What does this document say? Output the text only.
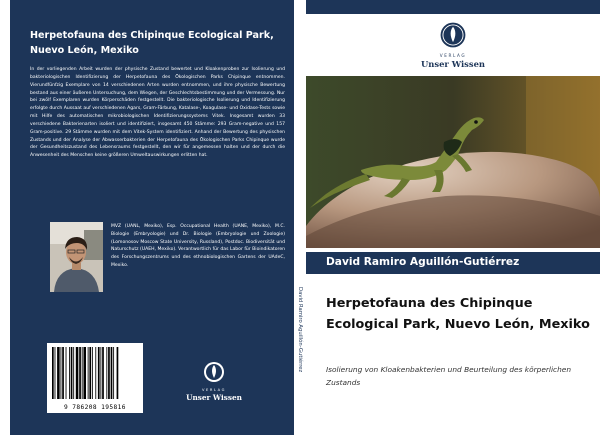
Herpetofauna des Chipinque Ecological Park, Nuevo León, Mexiko
In der vorliegenden Arbeit wurden der physische Zustand bewertet und Kloakenproben zur Isolierung und bakteriologischen Identifizierung der Herpetofauna des Ökologischen Parks Chipinque entnommen. Vierundfünfzig Exemplare von 14 verschiedenen Arten wurden entnommen, und ihre physische Bewertung bestand aus einer äußeren Untersuchung, dem Wiegen, der Geschlechtsbestimmung und der Vermessung. Nur bei zwölf Exemplaren wurden Körperschäden festgestellt. Die bakteriologische Isolierung und Identifizierung erfolgte durch Aussaat auf verschiedenen Agars, Gram-Färbung, Katalase-, Koagulase- und Oxidase-Tests sowie mit Hilfe des automatischen mikrobiologischen Identifizierungssystems Vitek. Insgesamt wurden 33 verschiedene Bakterienarten isoliert und identifiziert, insgesamt 450 Stämme: 293 Gram-negative und 157 Gram-positive. 29 Stämme wurden mit dem Vitek-System identifiziert. Anhand der Bewertung des physischen Zustands und der Analyse der Abwasserbakterien der Herpetofauna des Ökologischen Parks Chipinque wurde der Gesundheitszustand des Lebensraums festgestellt, den wir für angemessen halten und der durch die Anwesenheit des Menschen keine größeren Umweltauswirkungen erlitten hat.
MVZ (UANL, Mexiko), Esp. Occupational Health (UANE, Mexiko), M.C. Biologie (Embryologie) und Dr. Biologie (Embryologie und Zoologie) (Lomonosov Moscow State University, Russland), Postdoc. Biodiversität und Naturschutz (UAEH, Mexiko). Verantwortlich für das Labor für Bioindikatoren des Forschungszentrums und des ethnobiologischen Gartens der UAdeC, Mexiko.
9 786208 195816
VERLAG
Unser Wissen
David Ramiro Aguillón-Gutiérrez
VERLAG
Unser Wissen
David Ramiro Aguillón-Gutiérrez
Herpetofauna des Chipinque Ecological Park, Nuevo León, Mexiko
Isolierung von Kloakenbakterien und Beurteilung des körperlichen Zustands
